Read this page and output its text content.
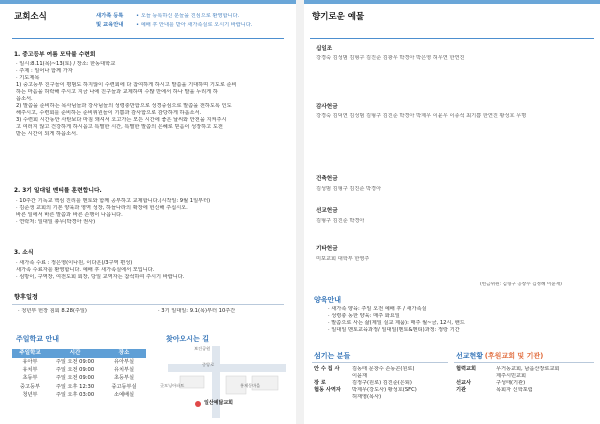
교회소식	새가족 등록
및 교육안내
• 오늘 등록하신 분들을 진심으로 환영합니다.
• 예배 후 안내를 받아 새가족실로 오시기 바랍니다.
1. 중고등부 여름 모닥불 수련회
· 일시:8.11(목)~13(토) / 장소: 한동대학교
· 주제 : 일어나 함께 가자
· 기도제목
1) 중고등부 친구들이 평범도 하지않이 수련회에 다 참여하게 하시고 말씀을 기대하며 기도로 준비
하는 마음을 허락해 주시고 지금 나에 친구들과 교제하며 수많 만에서 하나 말을 누리게 하
옵소서.
2) 말씀을 준비하는 목사님들과 강사님들의 성령충만함으로 성경중심으로 말씀을 전하도록 인도
해주시고, 수련회를 준비하는 준비위원들이 기쁨과 감사함으로 감당하게 하옵소서.
3) 수련회 시간동안 사탄보다 마침 돼셔서 오고가는 모든 시간에 좋은 날씨와 안전을 지켜주시
고 여러지 않고 건강하게 하시옵고 특별한 시간, 특별한 말씀의 은혜로 믿음이 성장하고 도전
받는 시간이 되게 하옵소서.
2. 3기 일대일 멘티를 훈련합니다.
· 10주간 기독교 핵심 진리를 멘토와 함께 공부하고 교제합니다.(시작일: 9월 1일부터)
· 김준생 교회의 기본 양육과 영역 성장, 하늘나라의 확장에 헌신해 주십시오.
바른 일에서 바른 말씀과 바른 손행이 나옵니다.
· 연락처: 일대일 총무(박경아 권사)
3. 소식
· 새가족 수료 : 정은영(이나원, 이다온)/3구역 편성)
새가족 수료자를 환영합니다. 예배 후 새가족실에서 모입니다.
· 심방이, 구역장, 여전도회 회장, 당일 교역자는 참석하여 주시기 바랍니다.
향후일정
· 청년부 헌장 침회 8.28(주일)	· 3기 일대일: 9.1(목)부터 10주간
주일학교 안내
주일학교	시간	장소
유아부	주일 오전 09:00	유아부실
유치부	주일 오전 09:00	유치부실
초등부	주일 오전 09:00	초등부실
중고등부	주일 오후 12:30	중고등부실
청년부	주일 오후 03:00	소예배실
찾아오시는 길
보건공원
굿모닝아파트	홍제동마을
중앙로
일산예닮교회
향기로운 예물
십일조
강경숙 김성범 김형구 김진준 김광우 박경아 박은영 허우연 한연진
감사헌금
강경숙 김덕연 김성범 김형구 김진준 박경아 박제우 이윤우 이종석 최기쁨 한연진 황성호 무명
건축헌금
김성범 김형구 김진준 박경아
선교헌금
김형구 김진준 박경아
기타헌금
미포교회 대학부 한영주
(헌금위원: 김형구 공창수 김정혜 이윤재)
양육안내
· 새가족 양육: 주일 오전 예배 후 / 새가족실
· 성령충 동한 양육: 매주 화요일
· 말씀으로 사는 삶(제일 실교 제품): 매주 월~금, 12시, 밴드
· 일대일 멘토교육과정/ 일대일(멘토&멘티)과정: 정랑 기간
섬기는 분들
안 수 집 사	김동태 문창수 손동곤(원로)
이윤재
장 로	김정구(원로) 김진준(은퇴)
협동 사역자	박제우(강도사) 황성호(SFC)
허재영(목사)
선교현황 (후원교회 및 기관)
협력교회	무거동교회, 남읍산장로교회
제주시민교회
선교사	구성태(기관)
기관	목회자 신학포럼
